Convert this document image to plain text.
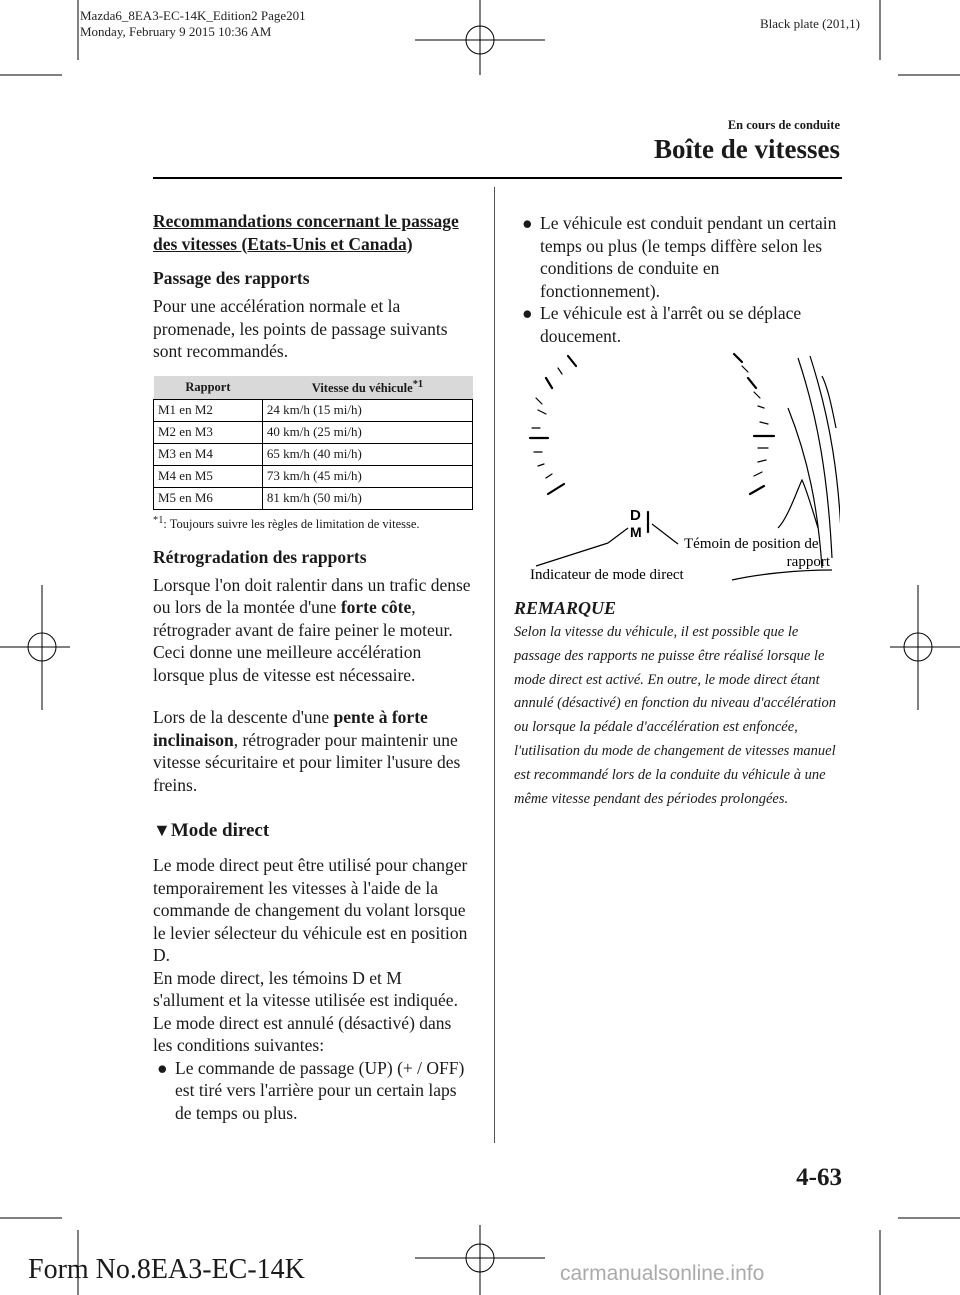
Mazda6_8EA3-EC-14K_Edition2 Page201
Monday, February 9 2015 10:36 AM
Black plate (201,1)
En cours de conduite
Boîte de vitesses
Recommandations concernant le passage des vitesses (Etats-Unis et Canada)
Passage des rapports

Pour une accélération normale et la promenade, les points de passage suivants sont recommandés.

Rapport	Vitesse du véhicule$^{*1}$
M1 en M2	24 km/h (15 mi/h)
M2 en M3	40 km/h (25 mi/h)
M3 en M4	65 km/h (40 mi/h)
M4 en M5	73 km/h (45 mi/h)
M5 en M6	81 km/h (50 mi/h)
$^{*1}$: Toujours suivre les règles de limitation de vitesse.
Rétrogradation des rapports

Lorsque l'on doit ralentir dans un trafic dense ou lors de la montée d'une forte côte, rétrograder avant de faire peiner le moteur. Ceci donne une meilleure accélération lorsque plus de vitesse est nécessaire.

Lors de la descente d'une pente à forte inclinaison, rétrograder pour maintenir une vitesse sécuritaire et pour limiter l'usure des freins.

▼Mode direct

Le mode direct peut être utilisé pour changer temporairement les vitesses à l'aide de la commande de changement du volant lorsque le levier sélecteur du véhicule est en position D.

En mode direct, les témoins D et M s'allument et la vitesse utilisée est indiquée.

Le mode direct est annulé (désactivé) dans les conditions suivantes:

● Le commande de passage (UP) (+ / OFF) est tiré vers l'arrière pour un certain laps de temps ou plus.
● Le véhicule est conduit pendant un certain temps ou plus (le temps diffère selon les conditions de conduite en fonctionnement).
● Le véhicule est à l'arrêt ou se déplace doucement.
D
M
Témoin de position de
rapport
Indicateur de mode direct
REMARQUE
Selon la vitesse du véhicule, il est possible que le passage des rapports ne puisse être réalisé lorsque le mode direct est activé. En outre, le mode direct étant annulé (désactivé) en fonction du niveau d'accélération ou lorsque la pédale d'accélération est enfoncée, l'utilisation du mode de changement de vitesses manuel est recommandé lors de la conduite du véhicule à une même vitesse pendant des périodes prolongées.
4-63
Form No.8EA3-EC-14K	carmanualsonline.info
